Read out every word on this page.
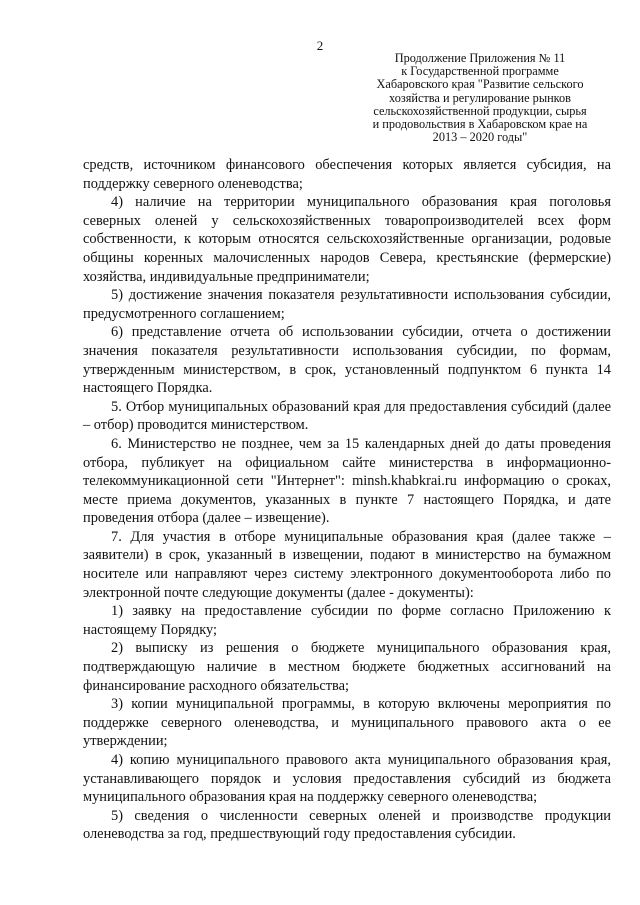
2
Продолжение Приложения № 11
к Государственной программе
Хабаровского края "Развитие сельского
хозяйства и регулирование рынков
сельскохозяйственной продукции, сырья
и продовольствия в Хабаровском крае на
2013 – 2020 годы"

средств, источником финансового обеспечения которых является субсидия, на поддержку северного оленеводства;

4) наличие на территории муниципального образования края поголовья северных оленей у сельскохозяйственных товаропроизводителей всех форм собственности, к которым относятся сельскохозяйственные организации, родовые общины коренных малочисленных народов Севера, крестьянские (фермерские) хозяйства, индивидуальные предприниматели;

5) достижение значения показателя результативности использования субсидии, предусмотренного соглашением;

6) представление отчета об использовании субсидии, отчета о достижении значения показателя результативности использования субсидии, по формам, утвержденным министерством, в срок, установленный подпунктом 6 пункта 14 настоящего Порядка.

5. Отбор муниципальных образований края для предоставления субсидий (далее – отбор) проводится министерством.

6. Министерство не позднее, чем за 15 календарных дней до даты проведения отбора, публикует на официальном сайте министерства в информационно-телекоммуникационной сети "Интернет": minsh.khabkrai.ru информацию о сроках, месте приема документов, указанных в пункте 7 настоящего Порядка, и дате проведения отбора (далее – извещение).

7. Для участия в отборе муниципальные образования края (далее также – заявители) в срок, указанный в извещении, подают в министерство на бумажном носителе или направляют через систему электронного документооборота либо по электронной почте следующие документы (далее - документы):

1) заявку на предоставление субсидии по форме согласно Приложению к настоящему Порядку;

2) выписку из решения о бюджете муниципального образования края, подтверждающую наличие в местном бюджете бюджетных ассигнований на финансирование расходного обязательства;

3) копии муниципальной программы, в которую включены мероприятия по поддержке северного оленеводства, и муниципального правового акта о ее утверждении;

4) копию муниципального правового акта муниципального образования края, устанавливающего порядок и условия предоставления субсидий из бюджета муниципального образования края на поддержку северного оленеводства;

5) сведения о численности северных оленей и производстве продукции оленеводства за год, предшествующий году предоставления субсидии.
